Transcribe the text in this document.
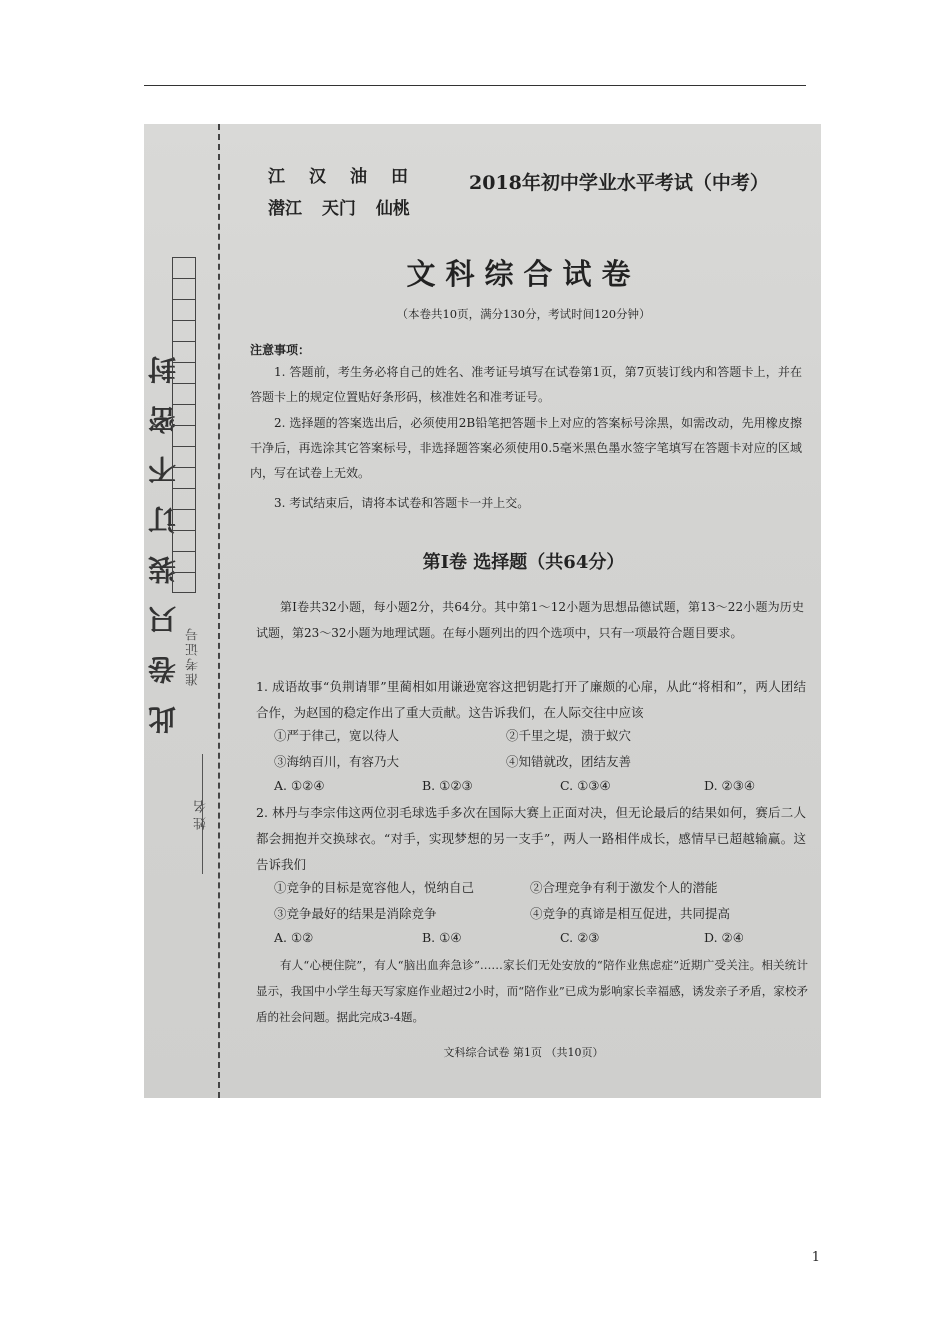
此卷只装订不密封 准考证号
姓名
江汉油田
潜江 天门 仙桃
2018年初中学业水平考试（中考）
文科综合试卷
（本卷共10页，满分130分，考试时间120分钟）
注意事项：
1. 答题前，考生务必将自己的姓名、准考证号填写在试卷第1页，第7页装订线内和答题卡上，并在答题卡上的规定位置贴好条形码，核准姓名和准考证号。
2. 选择题的答案选出后，必须使用2B铅笔把答题卡上对应的答案标号涂黑，如需改动，先用橡皮擦干净后，再选涂其它答案标号，非选择题答案必须使用0.5毫米黑色墨水签字笔填写在答题卡对应的区域内，写在试卷上无效。
3. 考试结束后，请将本试卷和答题卡一并上交。
第I卷 选择题（共64分）
第I卷共32小题，每小题2分，共64分。其中第1～12小题为思想品德试题，第13～22小题为历史试题，第23～32小题为地理试题。在每小题列出的四个选项中，只有一项最符合题目要求。
1. 成语故事“负荆请罪”里蔺相如用谦逊宽容这把钥匙打开了廉颇的心扉，从此“将相和”，两人团结合作，为赵国的稳定作出了重大贡献。这告诉我们，在人际交往中应该
①严于律己，宽以待人	②千里之堤，溃于蚁穴
③海纳百川，有容乃大	④知错就改，团结友善
A. ①②④	B. ①②③	C. ①③④	D. ②③④
2. 林丹与李宗伟这两位羽毛球选手多次在国际大赛上正面对决，但无论最后的结果如何，赛后二人都会拥抱并交换球衣。“对手，实现梦想的另一支手”，两人一路相伴成长，感情早已超越输赢。这告诉我们
①竞争的目标是宽容他人，悦纳自己	②合理竞争有利于激发个人的潜能
③竞争最好的结果是消除竞争	④竞争的真谛是相互促进，共同提高
A. ①②	B. ①④	C. ②③	D. ②④
有人“心梗住院”，有人“脑出血奔急诊”……家长们无处安放的“陪作业焦虑症”近期广受关注。相关统计显示，我国中小学生每天写家庭作业超过2小时，而“陪作业”已成为影响家长幸福感，诱发亲子矛盾，家校矛盾的社会问题。据此完成3-4题。
文科综合试卷 第1页 （共10页）
1
